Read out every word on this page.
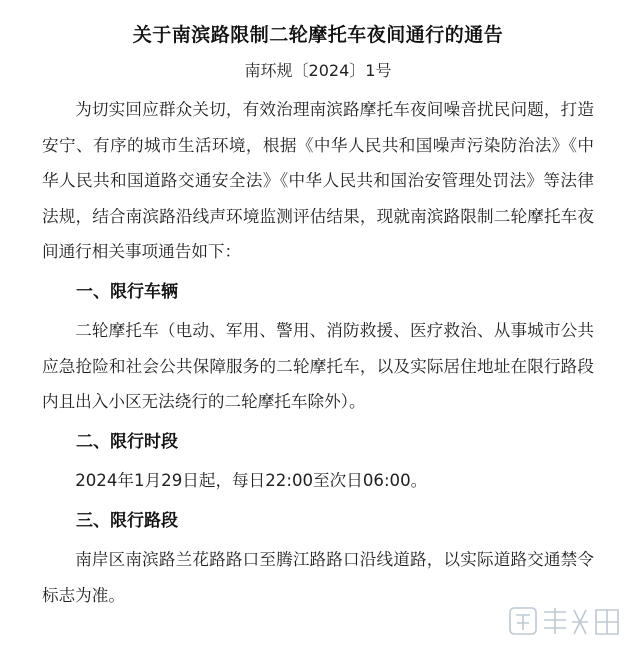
关于南滨路限制二轮摩托车夜间通行的通告
南环规〔2024〕1号

为切实回应群众关切，有效治理南滨路摩托车夜间噪音扰民问题，打造安宁、有序的城市生活环境，根据《中华人民共和国噪声污染防治法》《中华人民共和国道路交通安全法》《中华人民共和国治安管理处罚法》等法律法规，结合南滨路沿线声环境监测评估结果，现就南滨路限制二轮摩托车夜间通行相关事项通告如下：

一、限行车辆

二轮摩托车（电动、军用、警用、消防救援、医疗救治、从事城市公共应急抢险和社会公共保障服务的二轮摩托车，以及实际居住地址在限行路段内且出入小区无法绕行的二轮摩托车除外）。

二、限行时段

2024年1月29日起，每日22:00至次日06:00。

三、限行路段

南岸区南滨路兰花路路口至腾江路路口沿线道路，以实际道路交通禁令标志为准。
